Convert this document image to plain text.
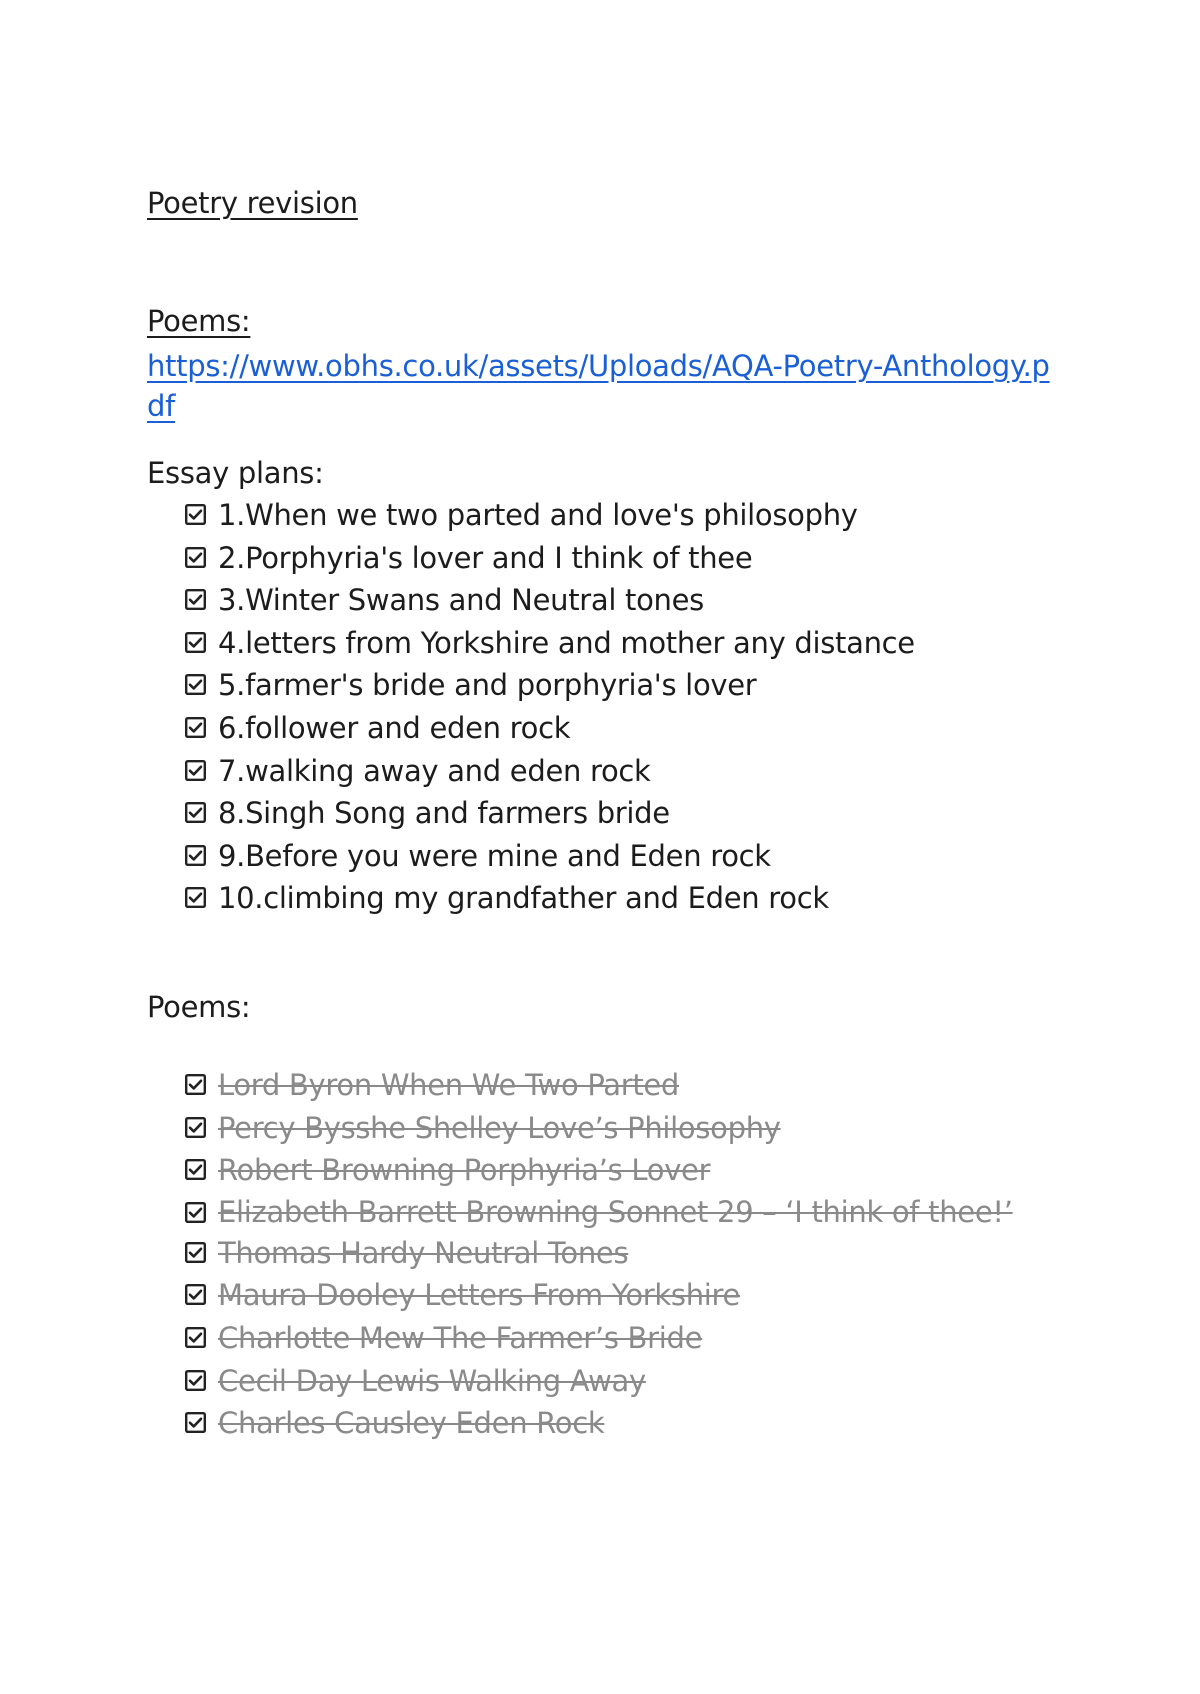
Poetry revision
Poems:
https://www.obhs.co.uk/assets/Uploads/AQA-Poetry-Anthology.pdf
Essay plans:
1.When we two parted and love's philosophy
2.Porphyria's lover and I think of thee
3.Winter Swans and Neutral tones
4.letters from Yorkshire and mother any distance
5.farmer's bride and porphyria's lover
6.follower and eden rock
7.walking away and eden rock
8.Singh Song and farmers bride
9.Before you were mine and Eden rock
10.climbing my grandfather and Eden rock
Poems:
Lord Byron When We Two Parted
Percy Bysshe Shelley Love’s Philosophy
Robert Browning Porphyria’s Lover
Elizabeth Barrett Browning Sonnet 29 – ‘I think of thee!’
Thomas Hardy Neutral Tones
Maura Dooley Letters From Yorkshire
Charlotte Mew The Farmer’s Bride
Cecil Day Lewis Walking Away
Charles Causley Eden Rock
